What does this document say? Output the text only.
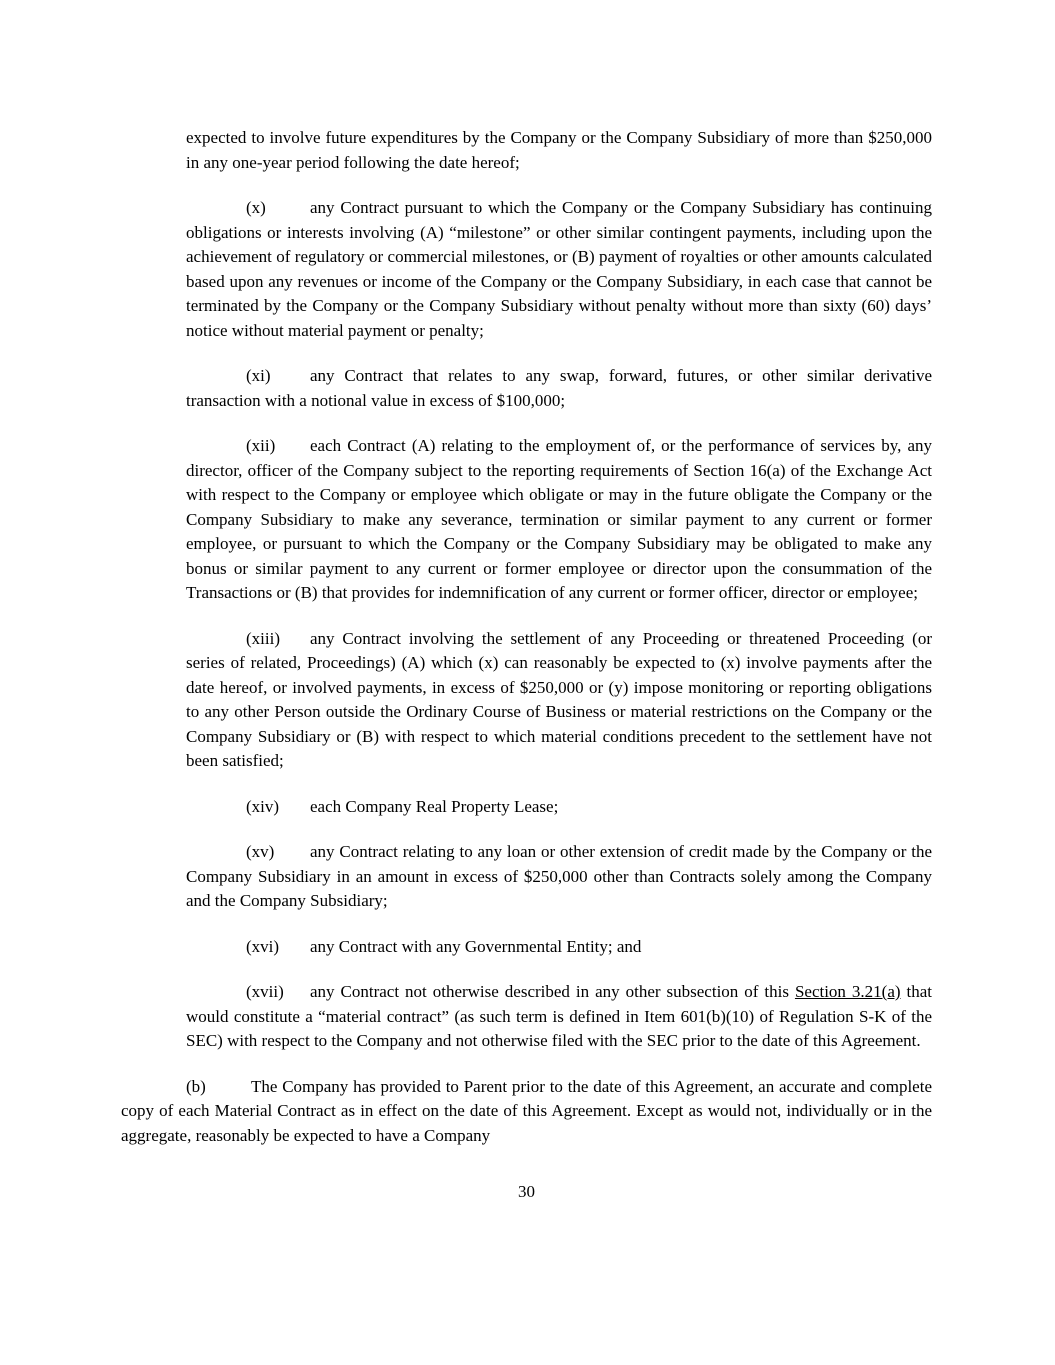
expected to involve future expenditures by the Company or the Company Subsidiary of more than $250,000 in any one-year period following the date hereof;

(x)	any Contract pursuant to which the Company or the Company Subsidiary has continuing obligations or interests involving (A) “milestone” or other similar contingent payments, including upon the achievement of regulatory or commercial milestones, or (B) payment of royalties or other amounts calculated based upon any revenues or income of the Company or the Company Subsidiary, in each case that cannot be terminated by the Company or the Company Subsidiary without penalty without more than sixty (60) days’ notice without material payment or penalty;

(xi) any Contract that relates to any swap, forward, futures, or other similar derivative transaction with a notional value in excess of $100,000;

(xii) each Contract (A) relating to the employment of, or the performance of services by, any director, officer of the Company subject to the reporting requirements of Section 16(a) of the Exchange Act with respect to the Company or employee which obligate or may in the future obligate the Company or the Company Subsidiary to make any severance, termination or similar payment to any current or former employee, or pursuant to which the Company or the Company Subsidiary may be obligated to make any bonus or similar payment to any current or former employee or director upon the consummation of the Transactions or (B) that provides for indemnification of any current or former officer, director or employee;

(xiii) any Contract involving the settlement of any Proceeding or threatened Proceeding (or series of related, Proceedings) (A) which (x) can reasonably be expected to (x) involve payments after the date hereof, or involved payments, in excess of $250,000 or (y) impose monitoring or reporting obligations to any other Person outside the Ordinary Course of Business or material restrictions on the Company or the Company Subsidiary or (B) with respect to which material conditions precedent to the settlement have not been satisfied;

(xiv) each Company Real Property Lease;

(xv) any Contract relating to any loan or other extension of credit made by the Company or the Company Subsidiary in an amount in excess of $250,000 other than Contracts solely among the Company and the Company Subsidiary;

(xvi) any Contract with any Governmental Entity; and

(xvii) any Contract not otherwise described in any other subsection of this Section 3.21(a) that would constitute a “material contract” (as such term is defined in Item 601(b)(10) of Regulation S-K of the SEC) with respect to the Company and not otherwise filed with the SEC prior to the date of this Agreement.

(b)	The Company has provided to Parent prior to the date of this Agreement, an accurate and complete copy of each Material Contract as in effect on the date of this Agreement. Except as would not, individually or in the aggregate, reasonably be expected to have a Company

30
